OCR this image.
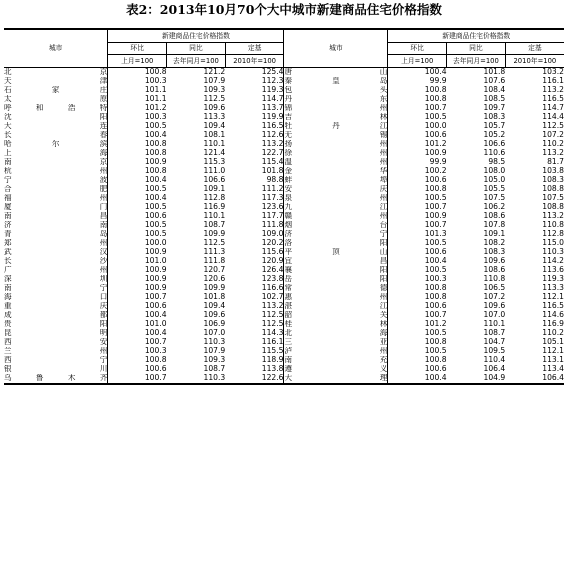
表2：2013年10月70个大中城市新建商品住宅价格指数
城市	新建商品住宅价格指数			城市	新建商品住宅价格指数		
	环比	同比	定基		环比	同比	定基
	上月=100	去年同月=100	2010年=100		上月=100	去年同月=100	2010年=100
北京	100.8	121.2	125.4	唐山	100.4	101.8	103.2
天津	100.3	107.9	112.3	秦皇岛	99.9	107.6	116.1
石家庄	101.1	109.3	119.3	包头	100.8	108.4	113.2
太原	101.1	112.5	114.7	丹东	100.8	108.5	116.5
呼和浩特	101.2	109.6	113.7	锦州	100.7	109.7	114.7
沈阳	100.3	113.3	119.9	吉林	100.5	108.3	114.4
大连	100.5	109.4	116.5	牡丹江	100.0	105.7	112.5
长春	100.4	108.1	112.6	无锡	100.6	105.2	107.2
哈尔滨	100.8	110.1	113.2	扬州	101.2	106.6	110.2
上海	100.8	121.4	122.7	徐州	100.9	110.6	113.2
南京	100.9	115.3	115.4	温州	99.9	98.5	81.7
杭州	100.8	111.0	101.8	金华	100.2	108.0	103.8
宁波	100.4	106.6	98.8	蚌埠	100.6	105.0	108.3
合肥	100.5	109.1	111.2	安庆	100.8	105.5	108.8
福州	100.4	112.8	117.3	泉州	100.5	107.5	107.5
厦门	100.5	116.9	123.6	九江	100.7	106.2	108.8
南昌	100.6	110.1	117.7	赣州	100.9	108.6	113.2
济南	100.5	108.7	111.8	烟台	100.7	107.8	110.8
青岛	100.5	109.9	109.0	济宁	101.3	109.1	112.8
郑州	100.0	112.5	120.2	洛阳	100.5	108.2	115.0
武汉	100.9	111.3	115.6	平顶山	100.6	108.3	110.3
长沙	101.0	111.8	120.9	宜昌	100.4	109.6	114.2
广州	100.9	120.7	126.4	襄阳	100.5	108.6	113.6
深圳	100.9	120.6	123.8	岳阳	100.3	110.8	119.3
南宁	100.9	109.9	116.6	常德	100.8	106.5	113.3
海口	100.7	101.8	102.7	惠州	100.8	107.2	112.1
重庆	100.6	109.4	113.2	湛江	100.6	109.6	116.5
成都	100.4	109.6	112.5	韶关	100.7	107.0	114.6
贵阳	101.0	106.9	112.5	桂林	101.2	110.1	116.9
昆明	100.4	107.0	114.3	北海	100.5	108.7	110.2
西安	100.7	110.3	116.1	三亚	100.8	104.7	105.1
兰州	100.3	107.9	115.5	泸州	100.5	109.5	112.1
西宁	100.8	109.3	118.9	南充	100.8	110.4	113.1
银川	100.6	108.7	113.8	遵义	100.6	106.4	113.4
乌鲁木齐	100.7	110.3	122.6	大理	100.4	104.9	106.4
